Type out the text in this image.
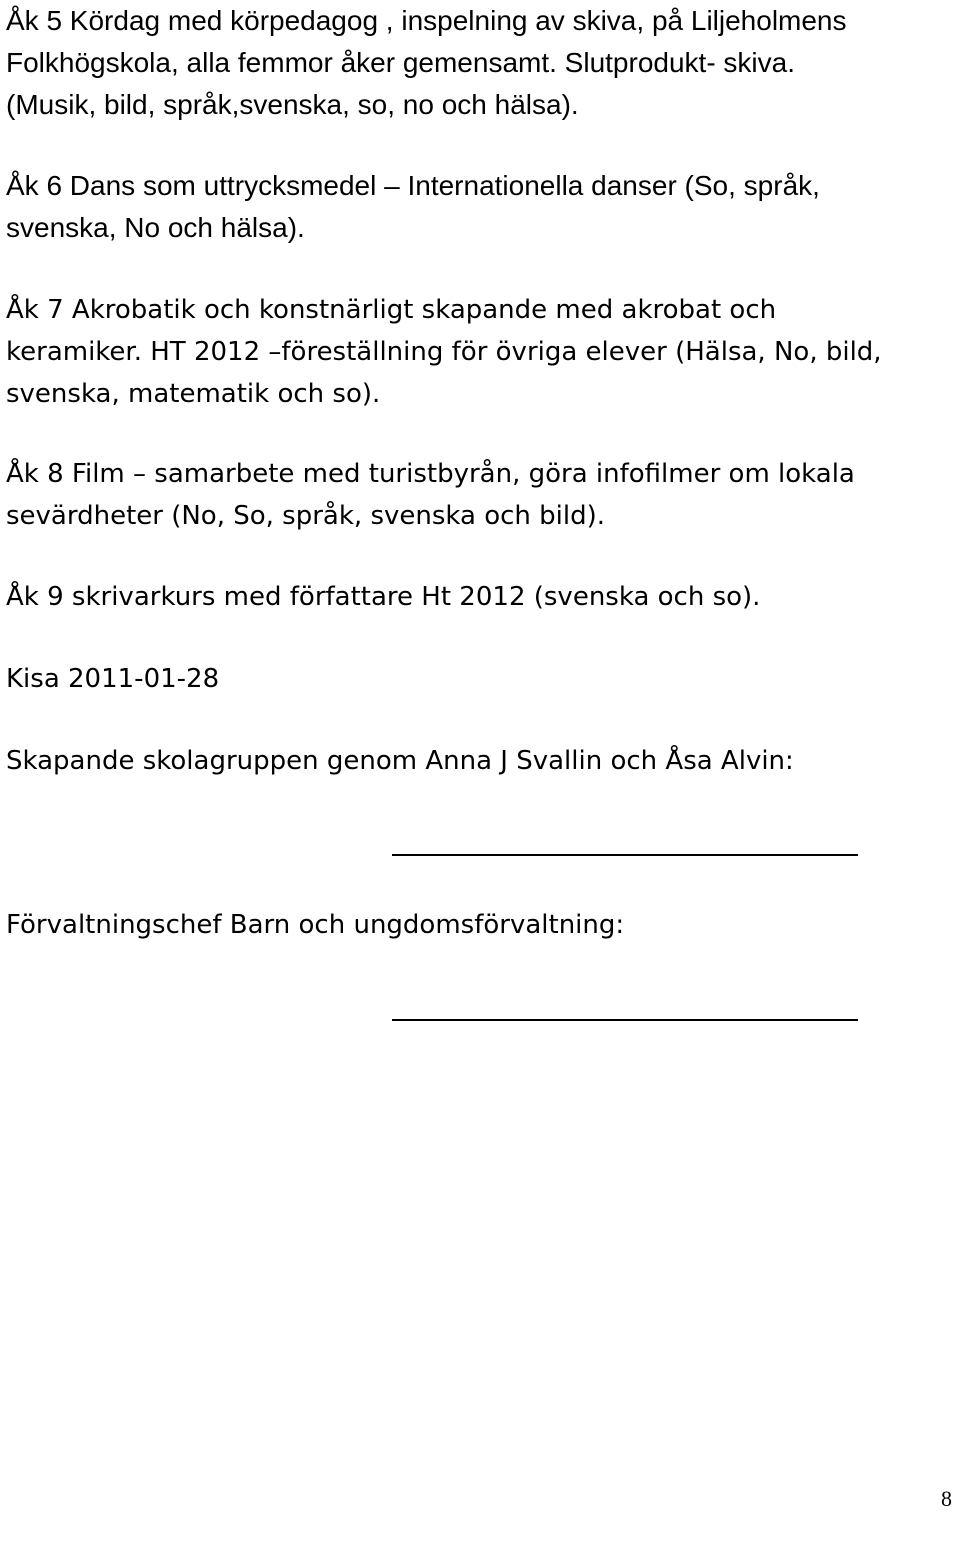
Åk 5 Kördag med körpedagog , inspelning av skiva, på Liljeholmens
Folkhögskola, alla femmor åker gemensamt. Slutprodukt- skiva.
(Musik, bild, språk,svenska, so, no och hälsa).

Åk 6 Dans som uttrycksmedel – Internationella danser (So, språk,
svenska, No och hälsa).

Åk 7 Akrobatik och konstnärligt skapande med akrobat och
keramiker. HT 2012 –föreställning för övriga elever (Hälsa, No, bild,
svenska, matematik och so).

Åk 8 Film – samarbete med turistbyrån, göra infofilmer om lokala
sevärdheter (No, So, språk, svenska och bild).

Åk 9 skrivarkurs med författare Ht 2012 (svenska och so).

Kisa 2011-01-28

Skapande skolagruppen genom Anna J Svallin och Åsa Alvin:

Förvaltningschef Barn och ungdomsförvaltning:

8
